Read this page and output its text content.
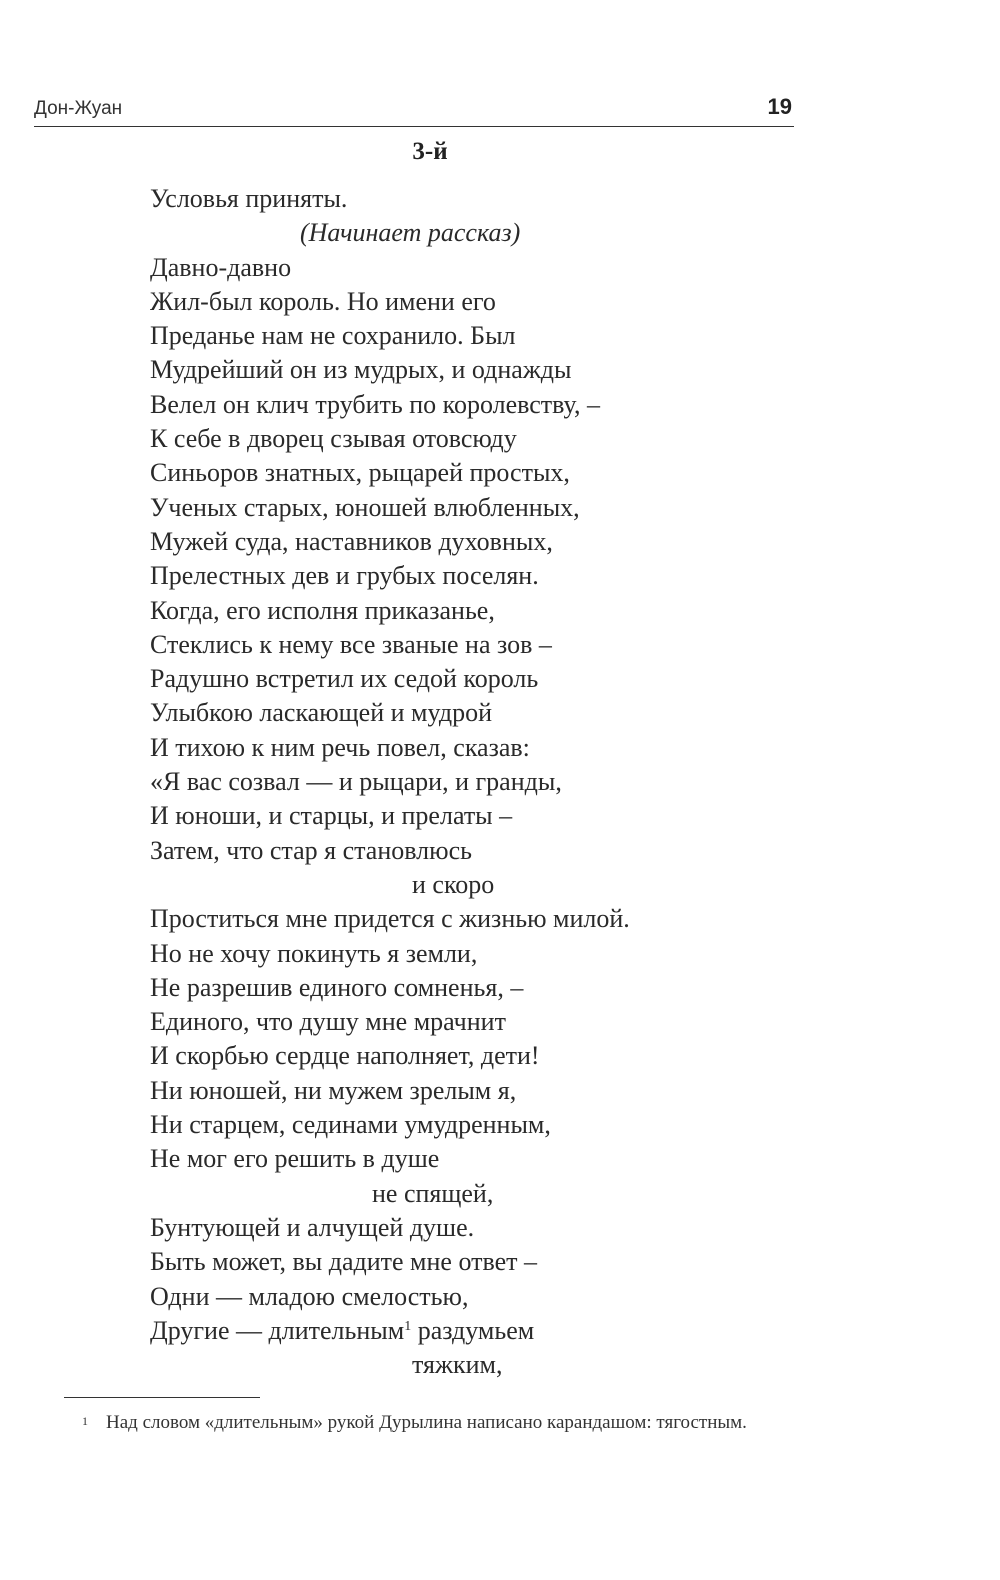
Дон-Жуан	19
3-й
Условья приняты.
(Начинает рассказ)
Давно-давно
Жил-был король. Но имени его
Преданье нам не сохранило. Был
Мудрейший он из мудрых, и однажды
Велел он клич трубить по королевству, –
К себе в дворец сзывая отовсюду
Синьоров знатных, рыцарей простых,
Ученых старых, юношей влюбленных,
Мужей суда, наставников духовных,
Прелестных дев и грубых поселян.
Когда, его исполня приказанье,
Стеклись к нему все званые на зов –
Радушно встретил их седой король
Улыбкою ласкающей и мудрой
И тихою к ним речь повел, сказав:
«Я вас созвал — и рыцари, и гранды,
И юноши, и старцы, и прелаты –
Затем, что стар я становлюсь
и скоро
Проститься мне придется с жизнью милой.
Но не хочу покинуть я земли,
Не разрешив единого сомненья, –
Единого, что душу мне мрачнит
И скорбью сердце наполняет, дети!
Ни юношей, ни мужем зрелым я,
Ни старцем, сединами умудренным,
Не мог его решить в душе
не спящей,
Бунтующей и алчущей душе.
Быть может, вы дадите мне ответ –
Одни — младою смелостью,
Другие — длительным$^1$ раздумьем
тяжким,
1 Над словом «длительным» рукой Дурылина написано карандашом: тягостным.
